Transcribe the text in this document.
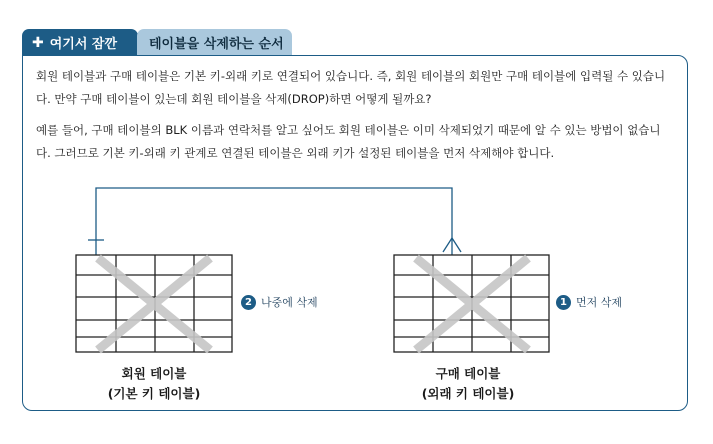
✚ 여기서 잠깐 테이블을 삭제하는 순서

회원 테이블과 구매 테이블은 기본 키-외래 키로 연결되어 있습니다. 즉, 회원 테이블의 회원만 구매 테이블에 입력될 수 있습니다. 만약 구매 테이블이 있는데 회원 테이블을 삭제(DROP)하면 어떻게 될까요?

예를 들어, 구매 테이블의 BLK 이름과 연락처를 알고 싶어도 회원 테이블은 이미 삭제되었기 때문에 알 수 있는 방법이 없습니다. 그러므로 기본 키-외래 키 관계로 연결된 테이블은 외래 키가 설정된 테이블을 먼저 삭제해야 합니다.

2 나중에 삭제	1 먼저 삭제
회원 테이블
(기본 키 테이블)
구매 테이블
(외래 키 테이블)
